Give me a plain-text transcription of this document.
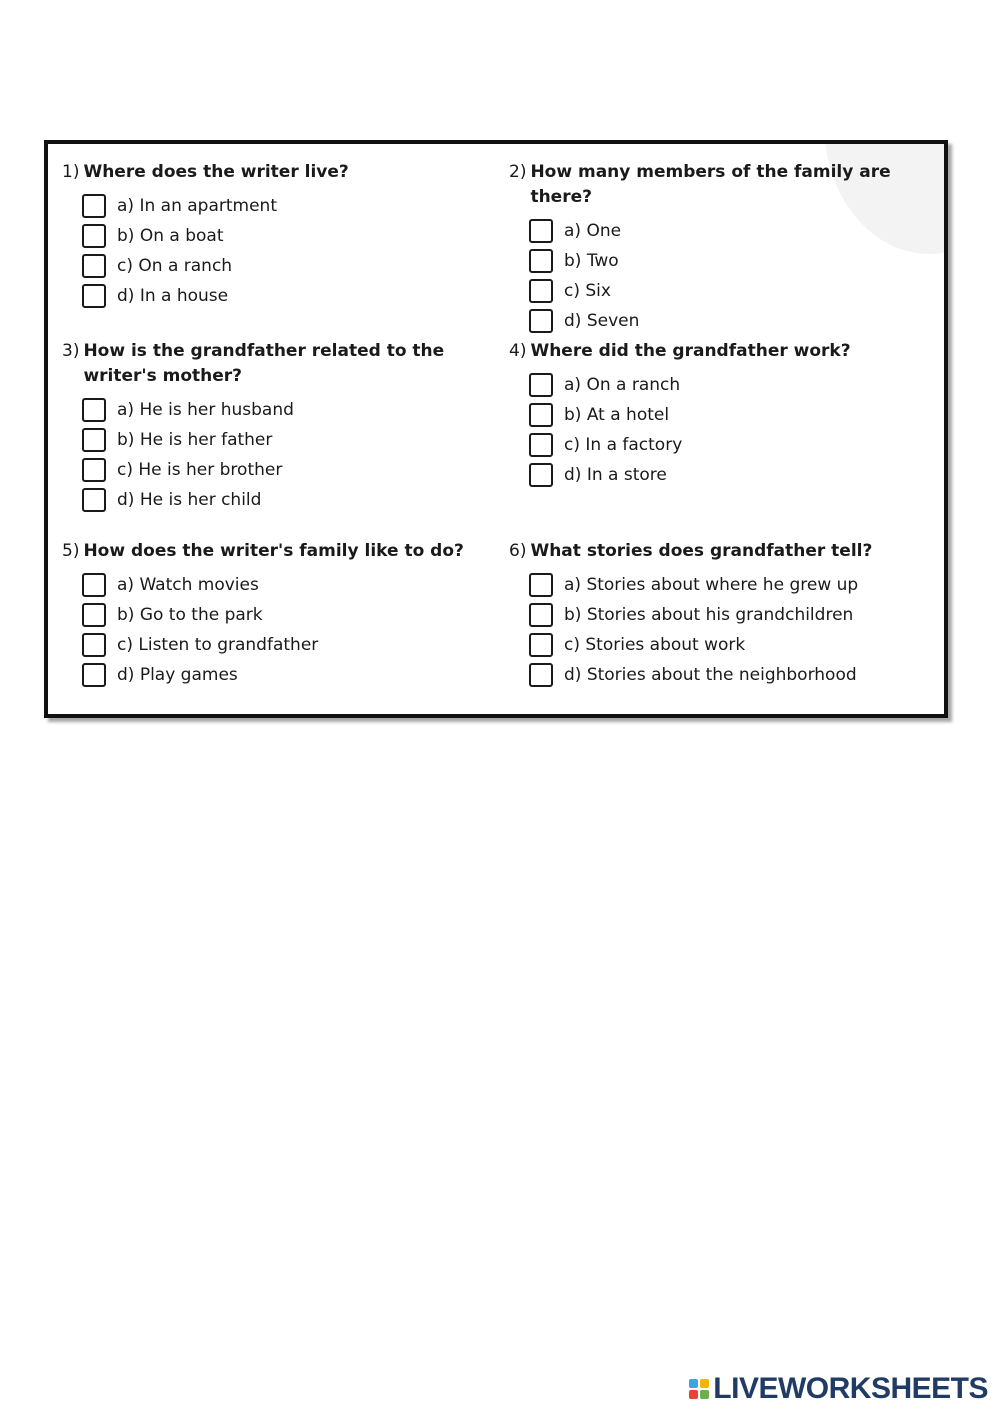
1) Where does the writer live?
a) In an apartment
b) On a boat
c) On a ranch
d) In a house
2) How many members of the family are there?
a) One
b) Two
c) Six
d) Seven
3) How is the grandfather related to the writer's mother?
a) He is her husband
b) He is her father
c) He is her brother
d) He is her child
4) Where did the grandfather work?
a) On a ranch
b) At a hotel
c) In a factory
d) In a store
5) How does the writer's family like to do?
a) Watch movies
b) Go to the park
c) Listen to grandfather
d) Play games
6) What stories does grandfather tell?
a) Stories about where he grew up
b) Stories about his grandchildren
c) Stories about work
d) Stories about the neighborhood
LIVEWORKSHEETS
